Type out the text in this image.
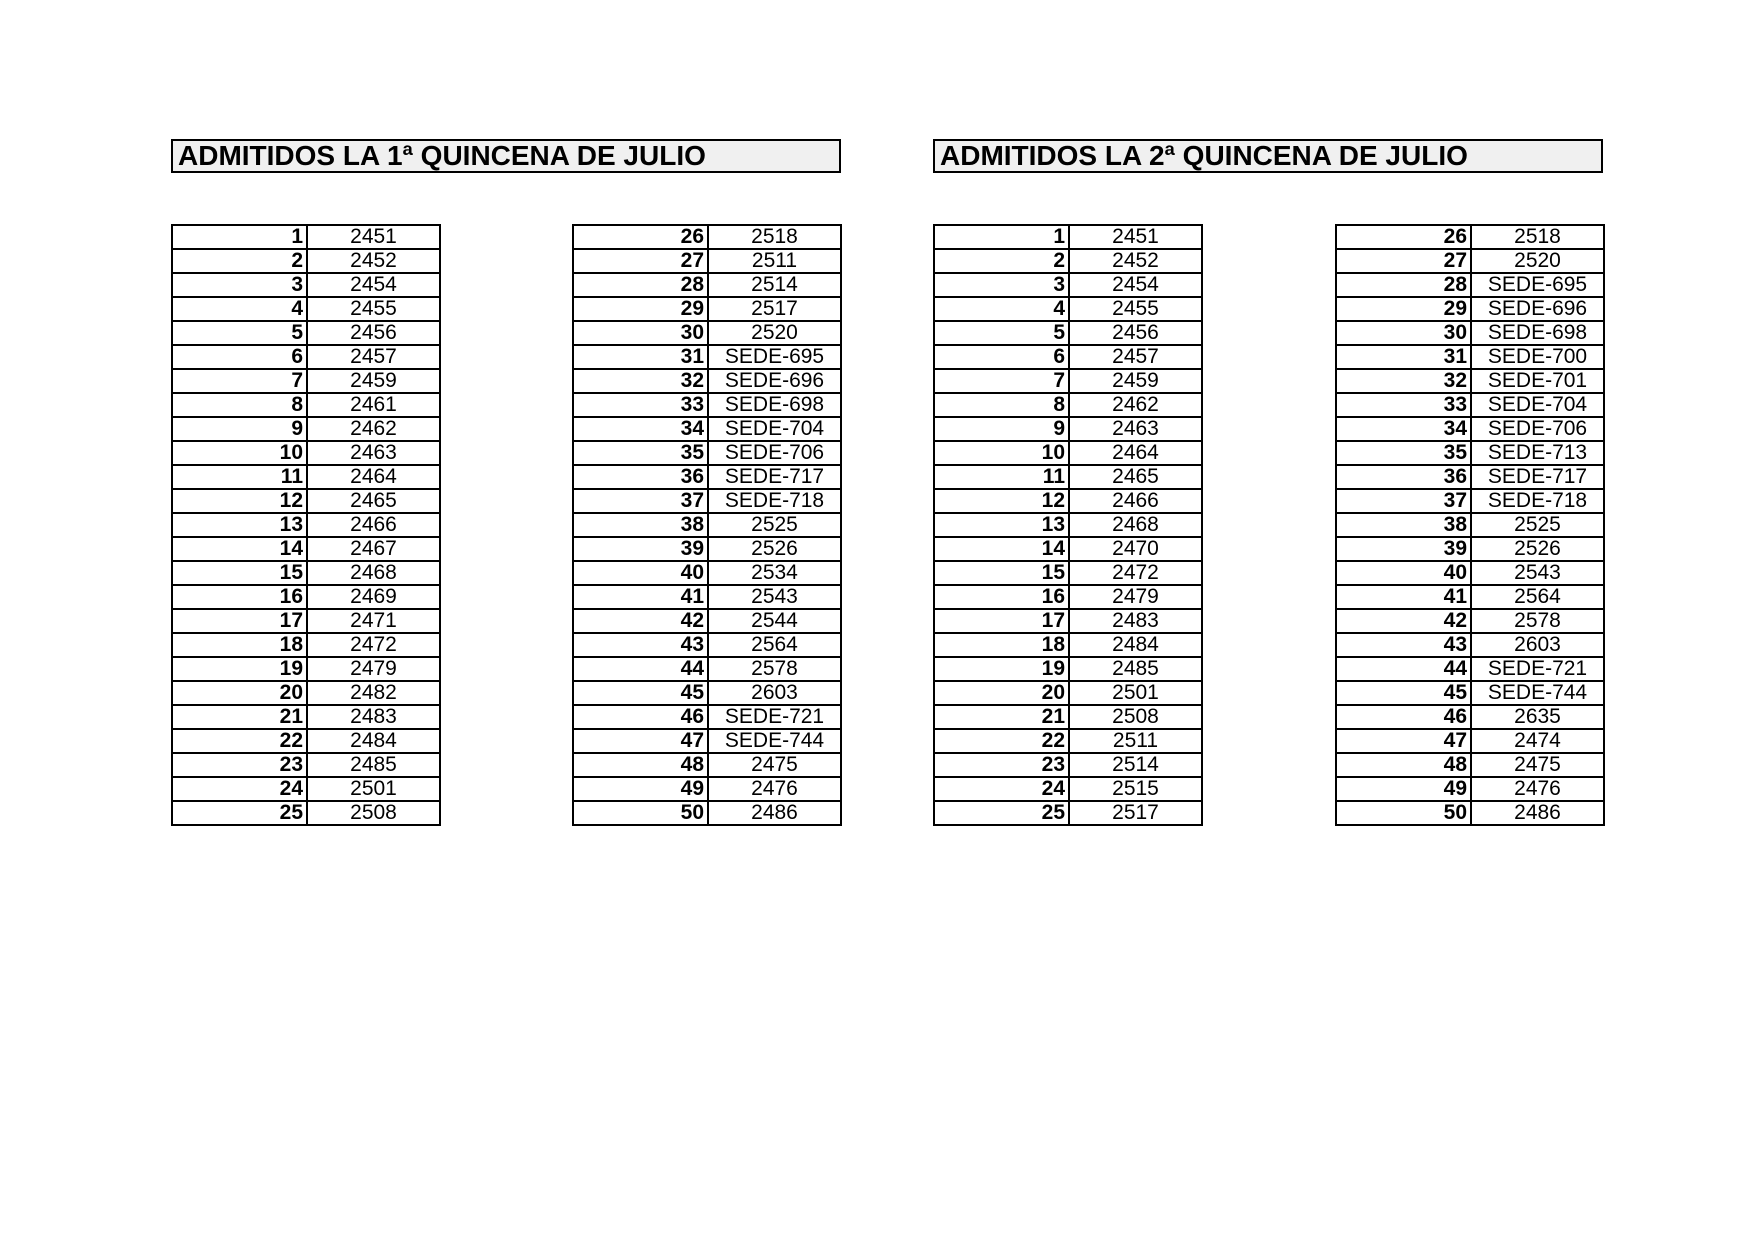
ADMITIDOS LA 1ª QUINCENA DE JULIO	ADMITIDOS LA 2ª QUINCENA DE JULIO
1	2451
2	2452
3	2454
4	2455
5	2456
6	2457
7	2459
8	2461
9	2462
10	2463
11	2464
12	2465
13	2466
14	2467
15	2468
16	2469
17	2471
18	2472
19	2479
20	2482
21	2483
22	2484
23	2485
24	2501
25	2508
26	2518
27	2511
28	2514
29	2517
30	2520
31	SEDE-695
32	SEDE-696
33	SEDE-698
34	SEDE-704
35	SEDE-706
36	SEDE-717
37	SEDE-718
38	2525
39	2526
40	2534
41	2543
42	2544
43	2564
44	2578
45	2603
46	SEDE-721
47	SEDE-744
48	2475
49	2476
50	2486
1	2451
2	2452
3	2454
4	2455
5	2456
6	2457
7	2459
8	2462
9	2463
10	2464
11	2465
12	2466
13	2468
14	2470
15	2472
16	2479
17	2483
18	2484
19	2485
20	2501
21	2508
22	2511
23	2514
24	2515
25	2517
26	2518
27	2520
28	SEDE-695
29	SEDE-696
30	SEDE-698
31	SEDE-700
32	SEDE-701
33	SEDE-704
34	SEDE-706
35	SEDE-713
36	SEDE-717
37	SEDE-718
38	2525
39	2526
40	2543
41	2564
42	2578
43	2603
44	SEDE-721
45	SEDE-744
46	2635
47	2474
48	2475
49	2476
50	2486
